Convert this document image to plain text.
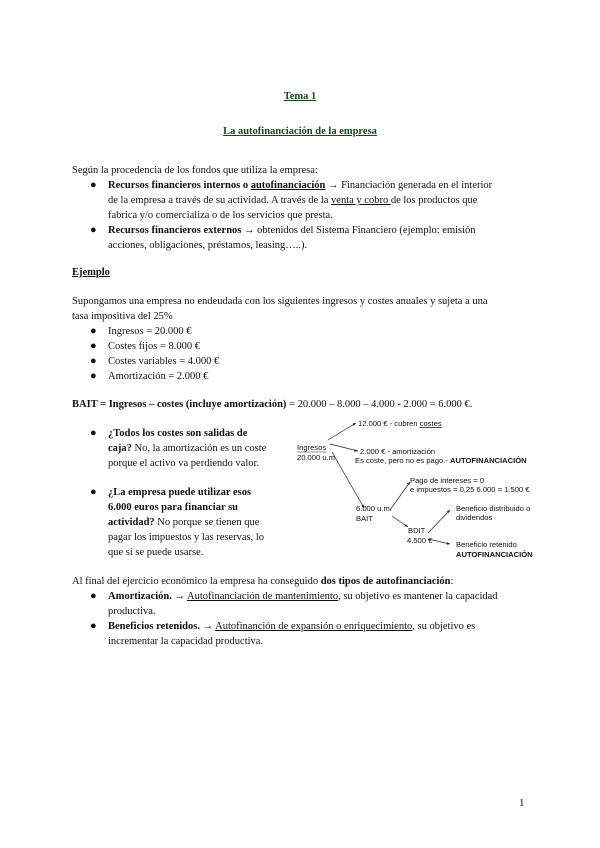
Tema 1
La autofinanciación de la empresa
Según la procedencia de los fondos que utiliza la empresa:
● Recursos financieros internos o autofinanciación → Financiación generada en el interior
de la empresa a través de su actividad. A través de la venta y cobro de los productos que
fabrica y/o comercializa o de los servicios que presta.
● Recursos financieros externos → obtenidos del Sistema Financiero (ejemplo: emisión
acciones, obligaciones, préstamos, leasing…..).
Ejemplo
Supongamos una empresa no endeudada con los siguientes ingresos y costes anuales y sujeta a una
tasa impositiva del 25%
● Ingresos = 20.000 €
● Costes fijos = 8.000 €
● Costes variables = 4.000 €
● Amortización = 2.000 €
BAIT = Ingresos – costes (incluye amortización) = 20.000 – 8.000 – 4.000 - 2.000 = 6.000 €.
● ¿Todos los costes son salidas de
caja? No, la amortización es un coste
porque el activo va perdiendo valor.
● ¿La empresa puede utilizar esos
6.000 euros para financiar su
actividad? No porque se tienen que
pagar los impuestos y las reservas, lo
que sí se puede usarse.
Ingresos
20.000 u.m.
12.000 € - cubren costes
2.000 € - amortización
Es coste, pero no es pago.- AUTOFINANCIACIÓN
Pago de intereses = 0
e impuestos = 0,25 6.000 = 1.500 €
6.000 u.m.
BAIT
BDIT
4.500 €
Beneficio distribuido o
dividendos
Beneficio retenido
AUTOFINANCIACIÓN
Al final del ejercicio económico la empresa ha conseguido dos tipos de autofinanciación:
● Amortización. → Autofinanciación de mantenimiento, su objetivo es mantener la capacidad
productiva.
● Beneficios retenidos. → Autofinanción de expansión o enriquecimiento, su objetivo es
incrementar la capacidad productiva.
1
